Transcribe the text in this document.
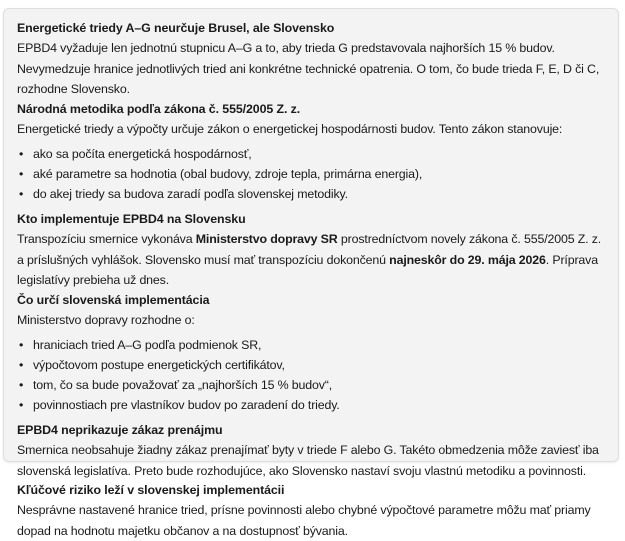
Energetické triedy A–G neurčuje Brusel, ale Slovensko

EPBD4 vyžaduje len jednotnú stupnicu A–G a to, aby trieda G predstavovala najhorších 15 % budov. Nevymedzuje hranice jednotlivých tried ani konkrétne technické opatrenia. O tom, čo bude trieda F, E, D či C, rozhodne Slovensko.

Národná metodika podľa zákona č. 555/2005 Z. z.

Energetické triedy a výpočty určuje zákon o energetickej hospodárnosti budov. Tento zákon stanovuje:

• ako sa počíta energetická hospodárnosť,
• aké parametre sa hodnotia (obal budovy, zdroje tepla, primárna energia),
• do akej triedy sa budova zaradí podľa slovenskej metodiky.
Kto implementuje EPBD4 na Slovensku

Transpozíciu smernice vykonáva Ministerstvo dopravy SR prostredníctvom novely zákona č. 555/2005 Z. z. a príslušných vyhlášok. Slovensko musí mať transpozíciu dokončenú najneskôr do 29. mája 2026. Príprava legislatívy prebieha už dnes.

Čo určí slovenská implementácia

Ministerstvo dopravy rozhodne o:

• hraniciach tried A–G podľa podmienok SR,
• výpočtovom postupe energetických certifikátov,
• tom, čo sa bude považovať za „najhorších 15 % budov“,
• povinnostiach pre vlastníkov budov po zaradení do triedy.
EPBD4 neprikazuje zákaz prenájmu

Smernica neobsahuje žiadny zákaz prenajímať byty v triede F alebo G. Takéto obmedzenia môže zaviesť iba slovenská legislatíva. Preto bude rozhodujúce, ako Slovensko nastaví svoju vlastnú metodiku a povinnosti.

Kľúčové riziko leží v slovenskej implementácii

Nesprávne nastavené hranice tried, prísne povinnosti alebo chybné výpočtové parametre môžu mať priamy dopad na hodnotu majetku občanov a na dostupnosť bývania.
